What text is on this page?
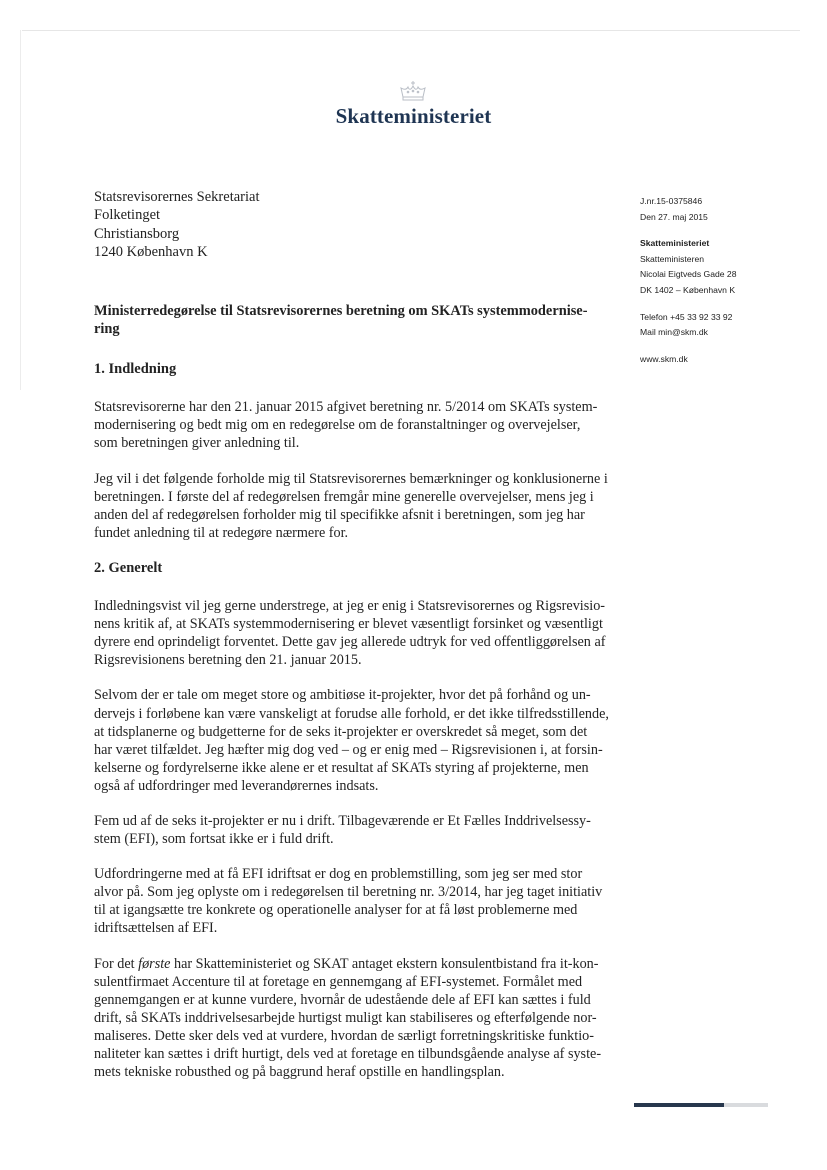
Skatteministeriet
Statsrevisorernes Sekretariat
Folketinget
Christiansborg
1240 København K
J.nr.15-0375846
Den 27. maj 2015
Skatteministeriet
Skatteministeren
Nicolai Eigtveds Gade 28
DK 1402 – København K
Telefon +45 33 92 33 92
Mail min@skm.dk
www.skm.dk
Ministerredegørelse til Statsrevisorernes beretning om SKATs systemmodernise-
ring
1. Indledning

Statsrevisorerne har den 21. januar 2015 afgivet beretning nr. 5/2014 om SKATs system-
modernisering og bedt mig om en redegørelse om de foranstaltninger og overvejelser,
som beretningen giver anledning til.

Jeg vil i det følgende forholde mig til Statsrevisorernes bemærkninger og konklusionerne i
beretningen. I første del af redegørelsen fremgår mine generelle overvejelser, mens jeg i
anden del af redegørelsen forholder mig til specifikke afsnit i beretningen, som jeg har
fundet anledning til at redegøre nærmere for.

2. Generelt

Indledningsvist vil jeg gerne understrege, at jeg er enig i Statsrevisorernes og Rigsrevisio-
nens kritik af, at SKATs systemmodernisering er blevet væsentligt forsinket og væsentligt
dyrere end oprindeligt forventet. Dette gav jeg allerede udtryk for ved offentliggørelsen af
Rigsrevisionens beretning den 21. januar 2015.

Selvom der er tale om meget store og ambitiøse it-projekter, hvor det på forhånd og un-
dervejs i forløbene kan være vanskeligt at forudse alle forhold, er det ikke tilfredsstillende,
at tidsplanerne og budgetterne for de seks it-projekter er overskredet så meget, som det
har været tilfældet. Jeg hæfter mig dog ved – og er enig med – Rigsrevisionen i, at forsin-
kelserne og fordyrelserne ikke alene er et resultat af SKATs styring af projekterne, men
også af udfordringer med leverandørernes indsats.

Fem ud af de seks it-projekter er nu i drift. Tilbageværende er Et Fælles Inddrivelsessy-
stem (EFI), som fortsat ikke er i fuld drift.

Udfordringerne med at få EFI idriftsat er dog en problemstilling, som jeg ser med stor
alvor på. Som jeg oplyste om i redegørelsen til beretning nr. 3/2014, har jeg taget initiativ
til at igangsætte tre konkrete og operationelle analyser for at få løst problemerne med
idriftsættelsen af EFI.

For det første har Skatteministeriet og SKAT antaget ekstern konsulentbistand fra it-kon-
sulentfirmaet Accenture til at foretage en gennemgang af EFI-systemet. Formålet med
gennemgangen er at kunne vurdere, hvornår de udestående dele af EFI kan sættes i fuld
drift, så SKATs inddrivelsesarbejde hurtigst muligt kan stabiliseres og efterfølgende nor-
maliseres. Dette sker dels ved at vurdere, hvordan de særligt forretningskritiske funktio-
naliteter kan sættes i drift hurtigt, dels ved at foretage en tilbundsgående analyse af syste-
mets tekniske robusthed og på baggrund heraf opstille en handlingsplan.
